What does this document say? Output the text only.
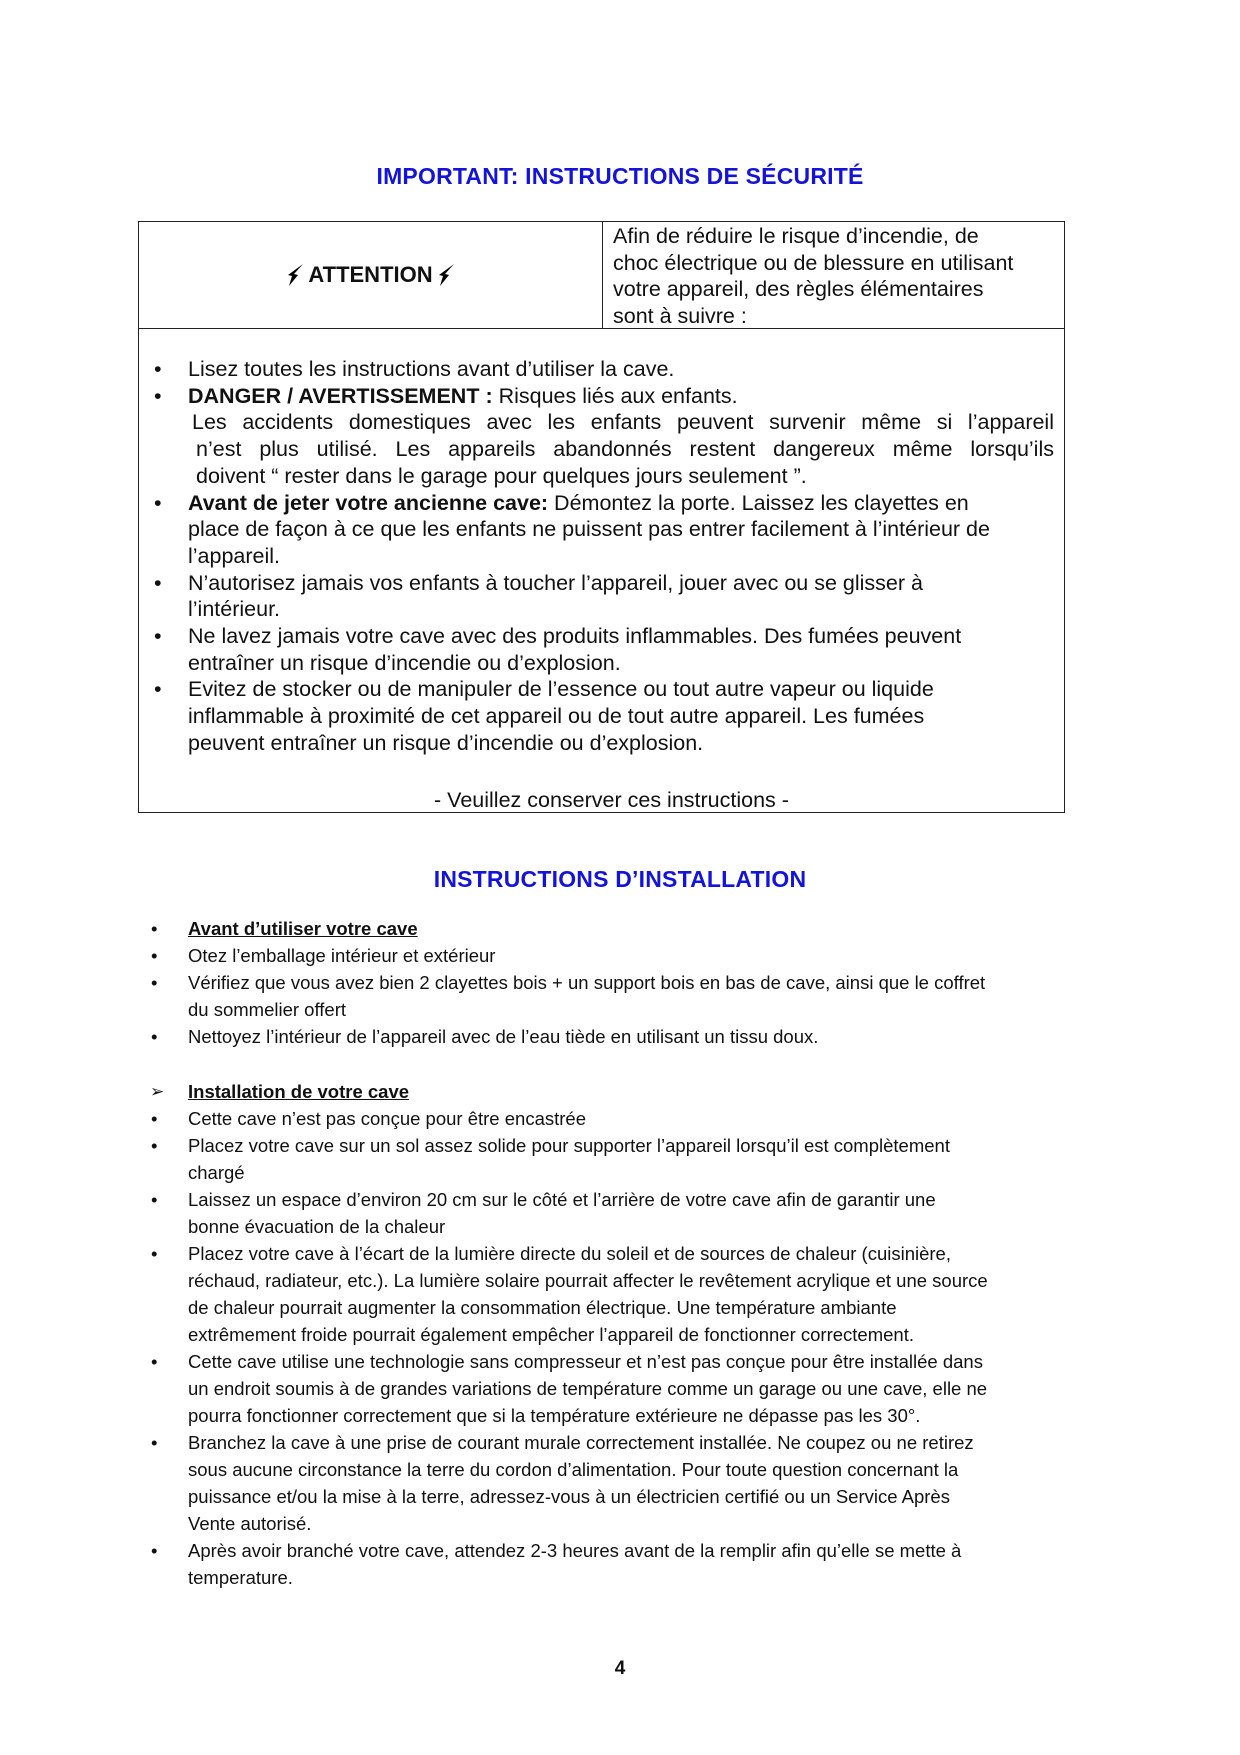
IMPORTANT: INSTRUCTIONS DE SÉCURITÉ
ATTENTION
Afin de réduire le risque d’incendie, de
choc électrique ou de blessure en utilisant
votre appareil, des règles élémentaires
sont à suivre :
• Lisez toutes les instructions avant d’utiliser la cave.
• DANGER / AVERTISSEMENT : Risques liés aux enfants.
Les accidents domestiques avec les enfants peuvent survenir même si l’appareil
n’est plus utilisé. Les appareils abandonnés restent dangereux même lorsqu’ils
doivent “ rester dans le garage pour quelques jours seulement ”.
• Avant de jeter votre ancienne cave: Démontez la porte. Laissez les clayettes en
place de façon à ce que les enfants ne puissent pas entrer facilement à l’intérieur de
l’appareil.
• N’autorisez jamais vos enfants à toucher l’appareil, jouer avec ou se glisser à
l’intérieur.
• Ne lavez jamais votre cave avec des produits inflammables. Des fumées peuvent
entraîner un risque d’incendie ou d’explosion.
• Evitez de stocker ou de manipuler de l’essence ou tout autre vapeur ou liquide
inflammable à proximité de cet appareil ou de tout autre appareil. Les fumées
peuvent entraîner un risque d’incendie ou d’explosion.
- Veuillez conserver ces instructions -
INSTRUCTIONS D’INSTALLATION
• Avant d’utiliser votre cave
• Otez l’emballage intérieur et extérieur
• Vérifiez que vous avez bien 2 clayettes bois + un support bois en bas de cave, ainsi que le coffret
du sommelier offert
• Nettoyez l’intérieur de l’appareil avec de l’eau tiède en utilisant un tissu doux.
➢ Installation de votre cave
• Cette cave n’est pas conçue pour être encastrée
• Placez votre cave sur un sol assez solide pour supporter l’appareil lorsqu’il est complètement
chargé
• Laissez un espace d’environ 20 cm sur le côté et l’arrière de votre cave afin de garantir une
bonne évacuation de la chaleur
• Placez votre cave à l’écart de la lumière directe du soleil et de sources de chaleur (cuisinière,
réchaud, radiateur, etc.). La lumière solaire pourrait affecter le revêtement acrylique et une source
de chaleur pourrait augmenter la consommation électrique. Une température ambiante
extrêmement froide pourrait également empêcher l’appareil de fonctionner correctement.
• Cette cave utilise une technologie sans compresseur et n’est pas conçue pour être installée dans
un endroit soumis à de grandes variations de température comme un garage ou une cave, elle ne
pourra fonctionner correctement que si la température extérieure ne dépasse pas les 30°.
• Branchez la cave à une prise de courant murale correctement installée. Ne coupez ou ne retirez
sous aucune circonstance la terre du cordon d’alimentation. Pour toute question concernant la
puissance et/ou la mise à la terre, adressez-vous à un électricien certifié ou un Service Après
Vente autorisé.
• Après avoir branché votre cave, attendez 2-3 heures avant de la remplir afin qu’elle se mette à
temperature.
4
